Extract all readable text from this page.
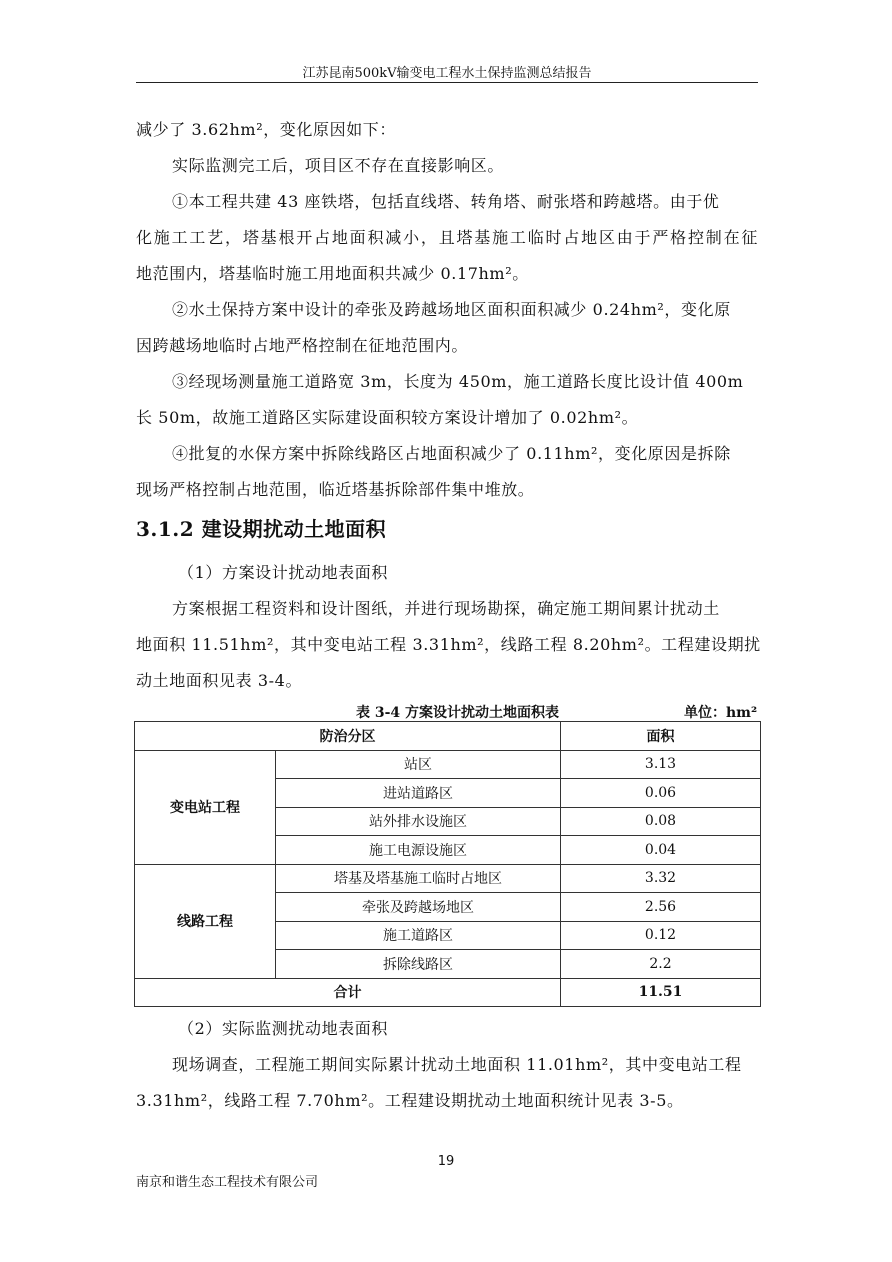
江苏昆南500kV输变电工程水土保持监测总结报告
减少了 3.62hm²，变化原因如下：
实际监测完工后，项目区不存在直接影响区。
①本工程共建 43 座铁塔，包括直线塔、转角塔、耐张塔和跨越塔。由于优
化施工工艺，塔基根开占地面积减小，且塔基施工临时占地区由于严格控制在征
地范围内，塔基临时施工用地面积共减少 0.17hm²。
②水土保持方案中设计的牵张及跨越场地区面积面积减少 0.24hm²，变化原
因跨越场地临时占地严格控制在征地范围内。
③经现场测量施工道路宽 3m，长度为 450m，施工道路长度比设计值 400m
长 50m，故施工道路区实际建设面积较方案设计增加了 0.02hm²。
④批复的水保方案中拆除线路区占地面积减少了 0.11hm²，变化原因是拆除
现场严格控制占地范围，临近塔基拆除部件集中堆放。
3.1.2 建设期扰动土地面积
（1）方案设计扰动地表面积
方案根据工程资料和设计图纸，并进行现场勘探，确定施工期间累计扰动土
地面积 11.51hm²，其中变电站工程 3.31hm²，线路工程 8.20hm²。工程建设期扰
动土地面积见表 3-4。
表 3-4 方案设计扰动土地面积表	单位：hm²
防治分区		面积
变电站工程	站区	3.13
	进站道路区	0.06
	站外排水设施区	0.08
	施工电源设施区	0.04
线路工程	塔基及塔基施工临时占地区	3.32
	牵张及跨越场地区	2.56
	施工道路区	0.12
	拆除线路区	2.2
合计		11.51
（2）实际监测扰动地表面积
现场调查，工程施工期间实际累计扰动土地面积 11.01hm²，其中变电站工程
3.31hm²，线路工程 7.70hm²。工程建设期扰动土地面积统计见表 3-5。
19
南京和谐生态工程技术有限公司
